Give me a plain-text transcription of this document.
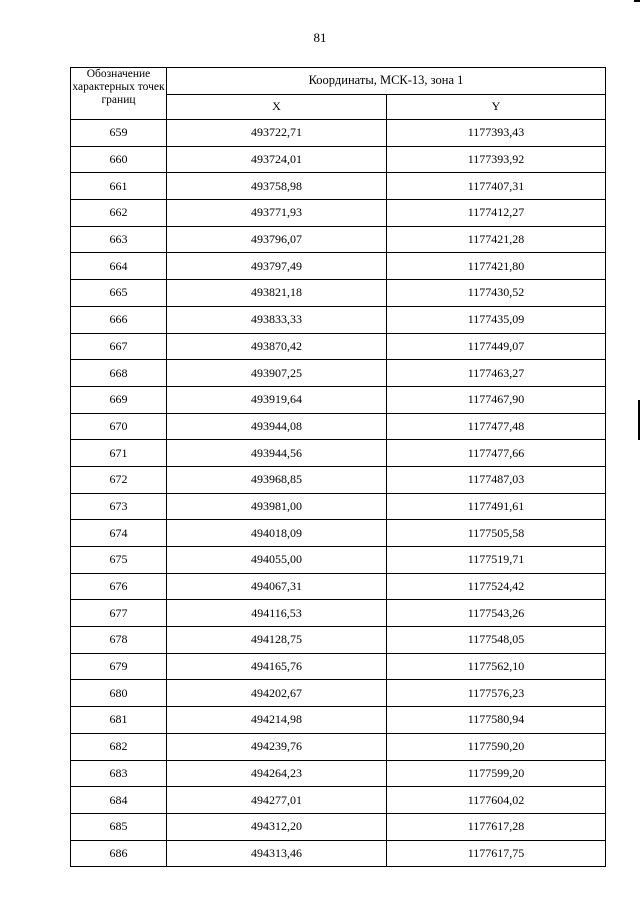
81
Обозначение характерных точек границ	Координаты, МСК-13, зона 1	
	X	Y
659	493722,71	1177393,43
660	493724,01	1177393,92
661	493758,98	1177407,31
662	493771,93	1177412,27
663	493796,07	1177421,28
664	493797,49	1177421,80
665	493821,18	1177430,52
666	493833,33	1177435,09
667	493870,42	1177449,07
668	493907,25	1177463,27
669	493919,64	1177467,90
670	493944,08	1177477,48
671	493944,56	1177477,66
672	493968,85	1177487,03
673	493981,00	1177491,61
674	494018,09	1177505,58
675	494055,00	1177519,71
676	494067,31	1177524,42
677	494116,53	1177543,26
678	494128,75	1177548,05
679	494165,76	1177562,10
680	494202,67	1177576,23
681	494214,98	1177580,94
682	494239,76	1177590,20
683	494264,23	1177599,20
684	494277,01	1177604,02
685	494312,20	1177617,28
686	494313,46	1177617,75
